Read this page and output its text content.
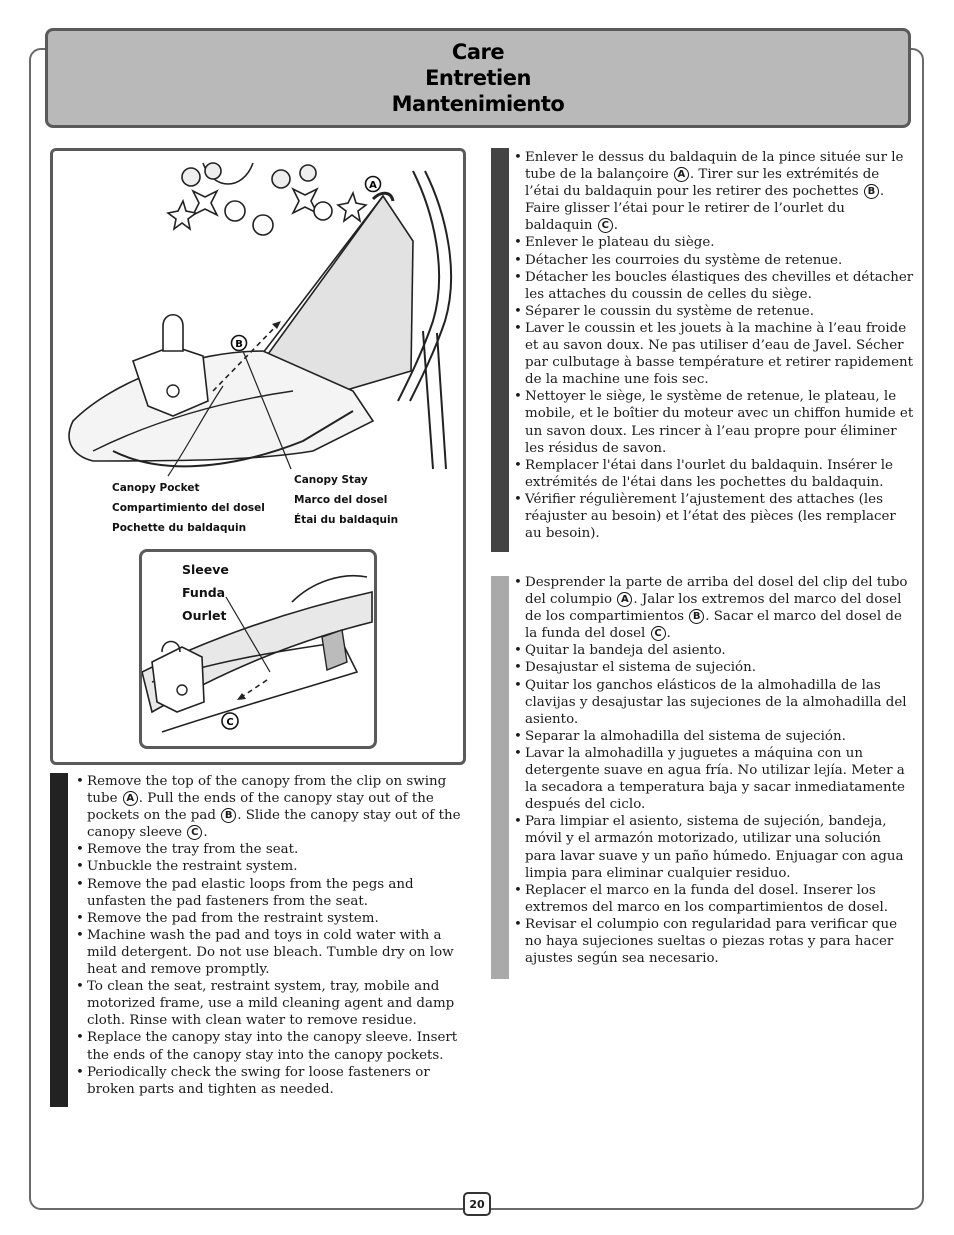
Care
Entretien
Mantenimiento
A
B
Canopy Pocket
Compartimiento del dosel
Pochette du baldaquin
Canopy Stay
Marco del dosel
Étai du baldaquin
C
Sleeve
Funda
Ourlet
• Remove the top of the canopy from the clip on swing tube A . Pull the ends of the canopy stay out of the pockets on the pad B . Slide the canopy stay out of the canopy sleeve C .
• Remove the tray from the seat.
• Unbuckle the restraint system.
• Remove the pad elastic loops from the pegs and unfasten the pad fasteners from the seat.
• Remove the pad from the restraint system.
• Machine wash the pad and toys in cold water with a mild detergent. Do not use bleach. Tumble dry on low heat and remove promptly.
• To clean the seat, restraint system, tray, mobile and motorized frame, use a mild cleaning agent and damp cloth. Rinse with clean water to remove residue.
• Replace the canopy stay into the canopy sleeve. Insert the ends of the canopy stay into the canopy pockets.
• Periodically check the swing for loose fasteners or broken parts and tighten as needed.
• Enlever le dessus du baldaquin de la pince située sur le tube de la balançoire A . Tirer sur les extrémités de l’étai du baldaquin pour les retirer des pochettes B . Faire glisser l’étai pour le retirer de l’ourlet du baldaquin C .
• Enlever le plateau du siège.
• Détacher les courroies du système de retenue.
• Détacher les boucles élastiques des chevilles et détacher les attaches du coussin de celles du siège.
• Séparer le coussin du système de retenue.
• Laver le coussin et les jouets à la machine à l’eau froide et au savon doux. Ne pas utiliser d’eau de Javel. Sécher par culbutage à basse température et retirer rapidement de la machine une fois sec.
• Nettoyer le siège, le système de retenue, le plateau, le mobile, et le boîtier du moteur avec un chiffon humide et un savon doux. Les rincer à l’eau propre pour éliminer les résidus de savon.
• Remplacer l'étai dans l'ourlet du baldaquin. Insérer le extrémités de l'étai dans les pochettes du baldaquin.
• Vérifier régulièrement l’ajustement des attaches (les réajuster au besoin) et l’état des pièces (les remplacer au besoin).
• Desprender la parte de arriba del dosel del clip del tubo del columpio A . Jalar los extremos del marco del dosel de los compartimientos B . Sacar el marco del dosel de la funda del dosel C .
• Quitar la bandeja del asiento.
• Desajustar el sistema de sujeción.
• Quitar los ganchos elásticos de la almohadilla de las clavijas y desajustar las sujeciones de la almohadilla del asiento.
• Separar la almohadilla del sistema de sujeción.
• Lavar la almohadilla y juguetes a máquina con un detergente suave en agua fría. No utilizar lejía. Meter a la secadora a temperatura baja y sacar inmediatamente después del ciclo.
• Para limpiar el asiento, sistema de sujeción, bandeja, móvil y el armazón motorizado, utilizar una solución para lavar suave y un paño húmedo. Enjuagar con agua limpia para eliminar cualquier residuo.
• Replacer el marco en la funda del dosel. Inserer los extremos del marco en los compartimientos de dosel.
• Revisar el columpio con regularidad para verificar que no haya sujeciones sueltas o piezas rotas y para hacer ajustes según sea necesario.
20
